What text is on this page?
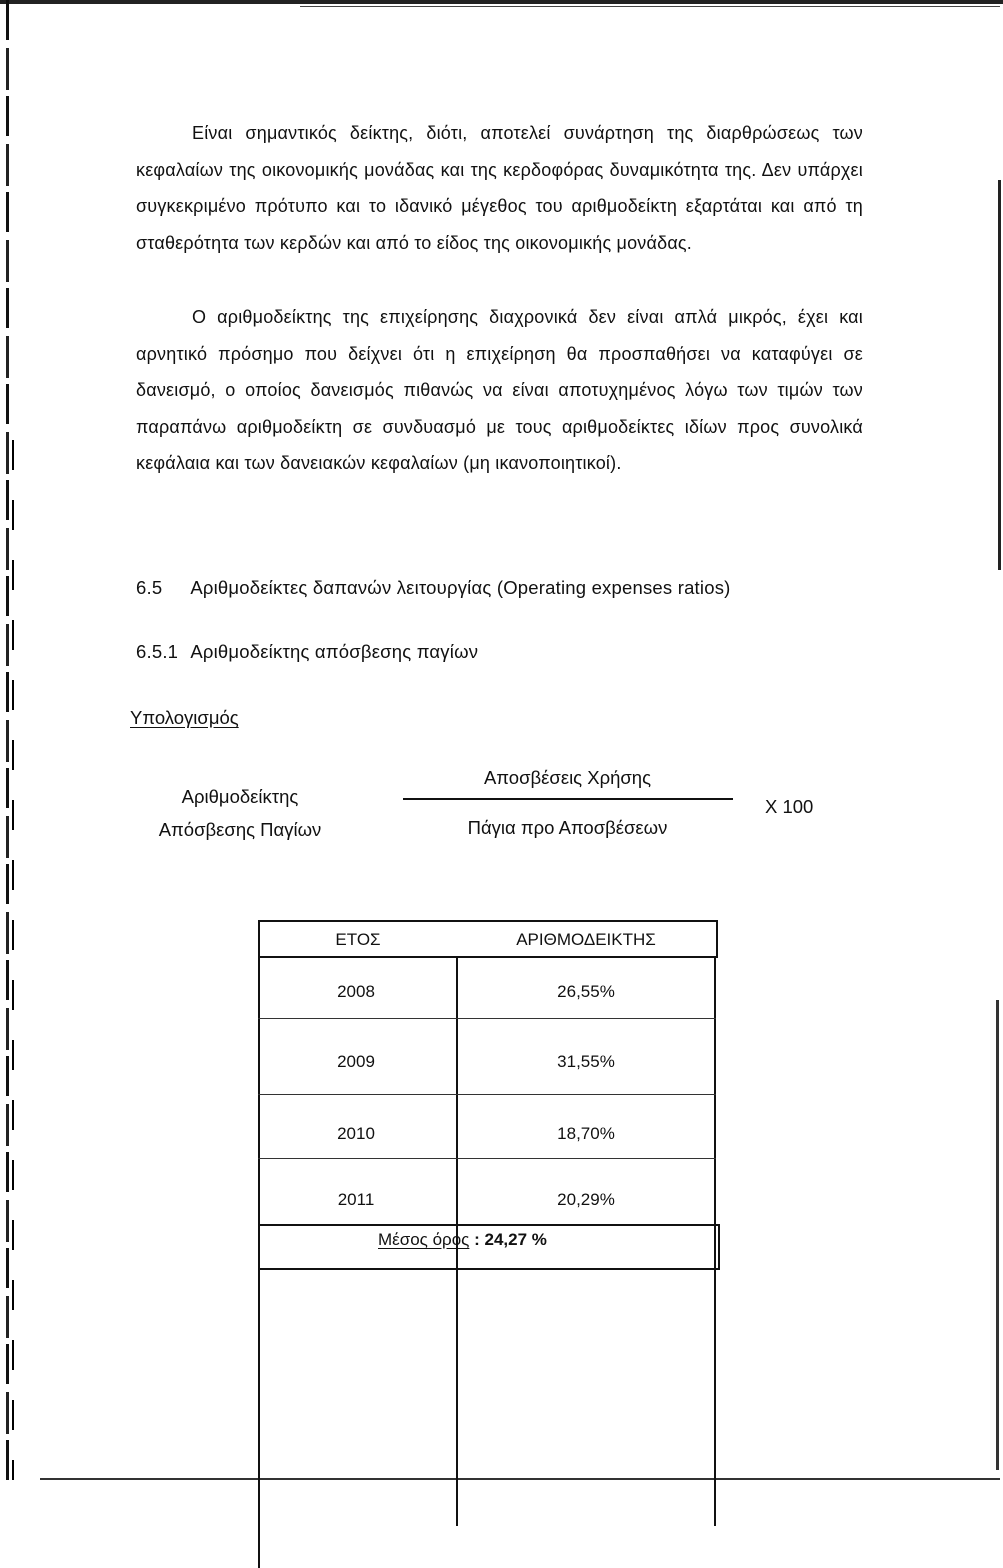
Είναι σημαντικός δείκτης, διότι, αποτελεί συνάρτηση της διαρθρώσεως των κεφαλαίων της οικονομικής μονάδας και της κερδοφόρας δυναμικότητα της. Δεν υπάρχει συγκεκριμένο πρότυπο και το ιδανικό μέγεθος του αριθμοδείκτη εξαρτάται και από τη σταθερότητα των κερδών και από το είδος της οικονομικής μονάδας.
Ο αριθμοδείκτης της επιχείρησης διαχρονικά δεν είναι απλά μικρός, έχει και αρνητικό πρόσημο που δείχνει ότι η επιχείρηση θα προσπαθήσει να καταφύγει σε δανεισμό, ο οποίος δανεισμός πιθανώς να είναι αποτυχημένος λόγω των τιμών των παραπάνω αριθμοδείκτη σε συνδυασμό με τους αριθμοδείκτες ιδίων προς συνολικά κεφάλαια και των δανειακών κεφαλαίων (μη ικανοποιητικοί).
6.5 Αριθμοδείκτες δαπανών λειτουργίας (Operating expenses ratios)
6.5.1 Αριθμοδείκτης απόσβεσης παγίων
Υπολογισμός
Αριθμοδείκτης
Απόσβεσης Παγίων
Αποσβέσεις Χρήσης
Πάγια προ Αποσβέσεων
X 100
ΕΤΟΣ	ΑΡΙΘΜΟΔΕΙΚΤΗΣ
2008	26,55%
2009	31,55%
2010	18,70%
2011	20,29%
Μέσος όρος : 24,27 %
